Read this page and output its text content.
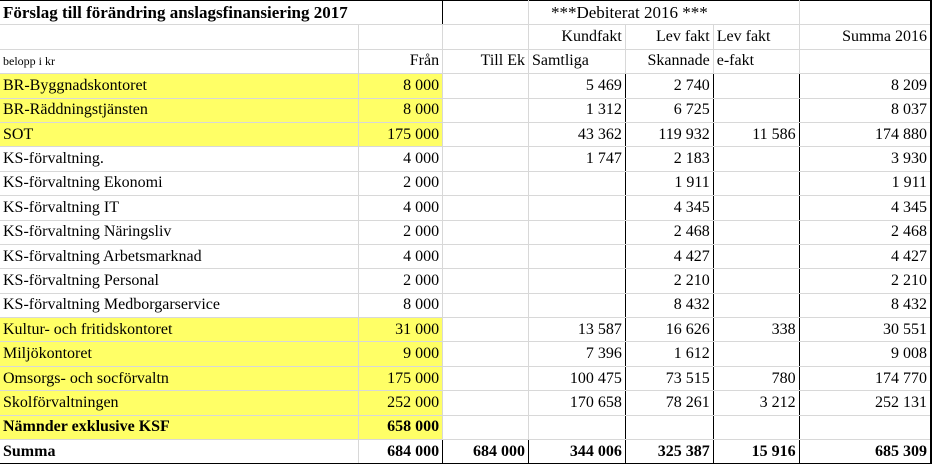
Förslag till förändring anslagsfinansiering 2017			***Debiterat 2016 ***			
			Kundfakt	Lev fakt	Lev fakt	Summa 2016
belopp i kr	Från	Till Ek	Samtliga	Skannade	e-fakt	
BR-Byggnadskontoret	8 000		5 469	2 740		8 209
BR-Räddningstjänsten	8 000		1 312	6 725		8 037
SOT	175 000		43 362	119 932	11 586	174 880
KS-förvaltning.	4 000		1 747	2 183		3 930
KS-förvaltning Ekonomi	2 000			1 911		1 911
KS-förvaltning IT	4 000			4 345		4 345
KS-förvaltning Näringsliv	2 000			2 468		2 468
KS-förvaltning Arbetsmarknad	4 000			4 427		4 427
KS-förvaltning Personal	2 000			2 210		2 210
KS-förvaltning Medborgarservice	8 000			8 432		8 432
Kultur- och fritidskontoret	31 000		13 587	16 626	338	30 551
Miljökontoret	9 000		7 396	1 612		9 008
Omsorgs- och socförvaltn	175 000		100 475	73 515	780	174 770
Skolförvaltningen	252 000		170 658	78 261	3 212	252 131
Nämnder exklusive KSF	658 000					
Summa	684 000	684 000	344 006	325 387	15 916	685 309
